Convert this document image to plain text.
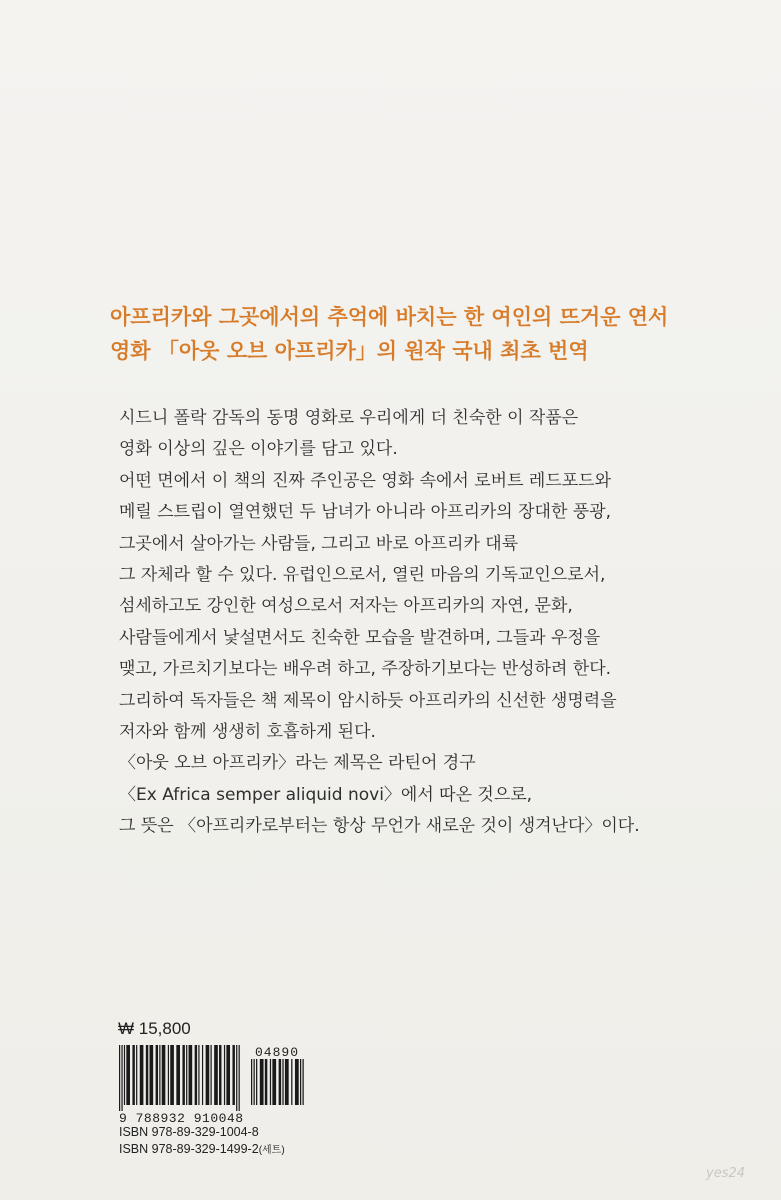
아프리카와 그곳에서의 추억에 바치는 한 여인의 뜨거운 연서
영화 「아웃 오브 아프리카」의 원작 국내 최초 번역
시드니 폴락 감독의 동명 영화로 우리에게 더 친숙한 이 작품은
영화 이상의 깊은 이야기를 담고 있다.
어떤 면에서 이 책의 진짜 주인공은 영화 속에서 로버트 레드포드와
메릴 스트립이 열연했던 두 남녀가 아니라 아프리카의 장대한 풍광,
그곳에서 살아가는 사람들, 그리고 바로 아프리카 대륙
그 자체라 할 수 있다. 유럽인으로서, 열린 마음의 기독교인으로서,
섬세하고도 강인한 여성으로서 저자는 아프리카의 자연, 문화,
사람들에게서 낯설면서도 친숙한 모습을 발견하며, 그들과 우정을
맺고, 가르치기보다는 배우려 하고, 주장하기보다는 반성하려 한다.
그리하여 독자들은 책 제목이 암시하듯 아프리카의 신선한 생명력을
저자와 함께 생생히 호흡하게 된다.
〈아웃 오브 아프리카〉라는 제목은 라틴어 경구
〈Ex Africa semper aliquid novi〉에서 따온 것으로,
그 뜻은 〈아프리카로부터는 항상 무언가 새로운 것이 생겨난다〉이다.
₩ 15,800
04890
9 788932 910048
ISBN 978-89-329-1004-8
ISBN 978-89-329-1499-2(세트)
yes24
